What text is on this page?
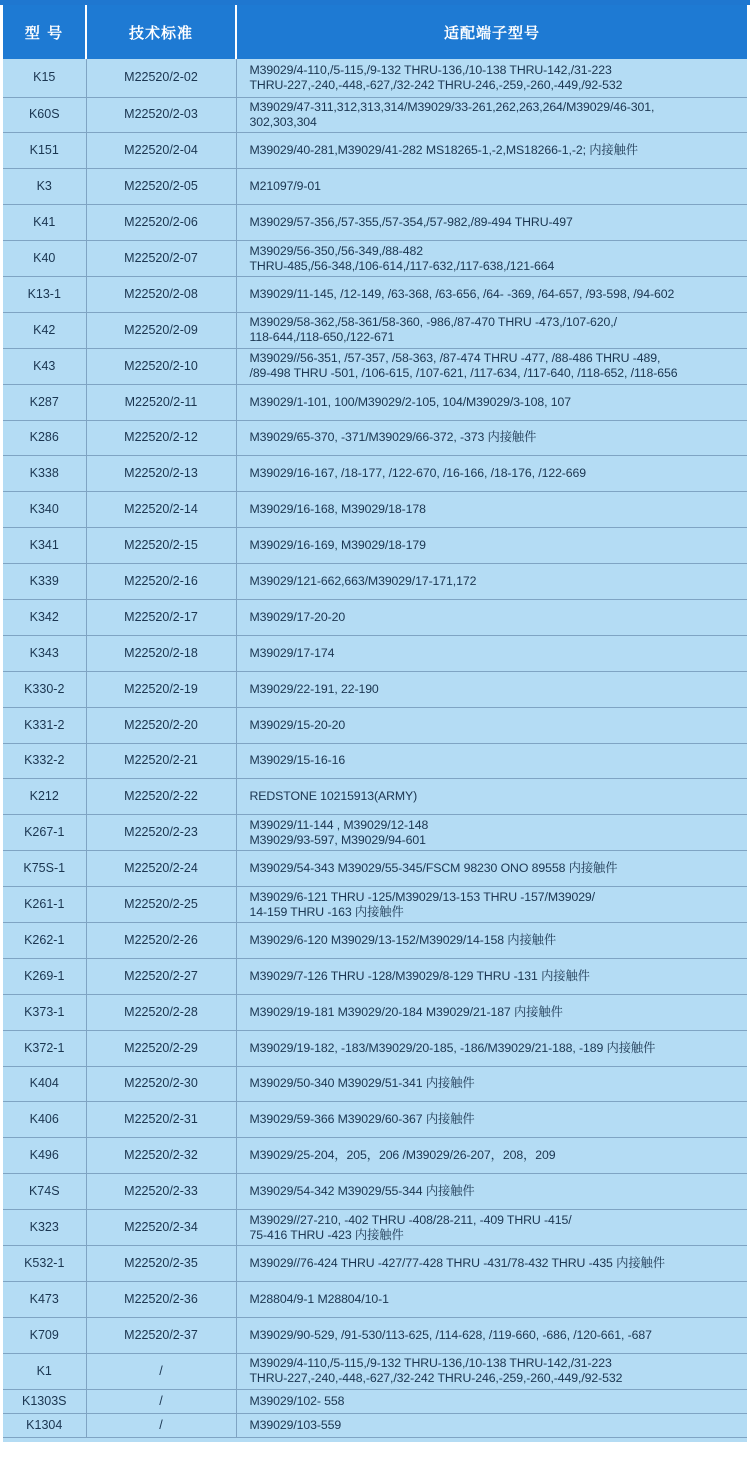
型 号	技术标准	适配端子型号
K15	M22520/2-02	M39029/4-110,/5-115,/9-132 THRU-136,/10-138 THRU-142,/31-223
THRU-227,-240,-448,-627,/32-242 THRU-246,-259,-260,-449,/92-532
K60S	M22520/2-03	M39029/47-311,312,313,314/M39029/33-261,262,263,264/M39029/46-301,
302,303,304
K151	M22520/2-04	M39029/40-281,M39029/41-282 MS18265-1,-2,MS18266-1,-2; 内接触件
K3	M22520/2-05	M21097/9-01
K41	M22520/2-06	M39029/57-356,/57-355,/57-354,/57-982,/89-494 THRU-497
K40	M22520/2-07	M39029/56-350,/56-349,/88-482
THRU-485,/56-348,/106-614,/117-632,/117-638,/121-664
K13-1	M22520/2-08	M39029/11-145, /12-149, /63-368, /63-656, /64- -369, /64-657, /93-598, /94-602
K42	M22520/2-09	M39029/58-362,/58-361/58-360, -986,/87-470 THRU -473,/107-620,/
118-644,/118-650,/122-671
K43	M22520/2-10	M39029//56-351, /57-357, /58-363, /87-474 THRU -477, /88-486 THRU -489,
/89-498 THRU -501, /106-615, /107-621, /117-634, /117-640, /118-652, /118-656
K287	M22520/2-11	M39029/1-101, 100/M39029/2-105, 104/M39029/3-108, 107
K286	M22520/2-12	M39029/65-370, -371/M39029/66-372, -373 内接触件
K338	M22520/2-13	M39029/16-167, /18-177, /122-670, /16-166, /18-176, /122-669
K340	M22520/2-14	M39029/16-168, M39029/18-178
K341	M22520/2-15	M39029/16-169, M39029/18-179
K339	M22520/2-16	M39029/121-662,663/M39029/17-171,172
K342	M22520/2-17	M39029/17-20-20
K343	M22520/2-18	M39029/17-174
K330-2	M22520/2-19	M39029/22-191, 22-190
K331-2	M22520/2-20	M39029/15-20-20
K332-2	M22520/2-21	M39029/15-16-16
K212	M22520/2-22	REDSTONE 10215913(ARMY)
K267-1	M22520/2-23	M39029/11-144 , M39029/12-148
M39029/93-597, M39029/94-601
K75S-1	M22520/2-24	M39029/54-343 M39029/55-345/FSCM 98230 ONO 89558 内接触件
K261-1	M22520/2-25	M39029/6-121 THRU -125/M39029/13-153 THRU -157/M39029/
14-159 THRU -163 内接触件
K262-1	M22520/2-26	M39029/6-120 M39029/13-152/M39029/14-158 内接触件
K269-1	M22520/2-27	M39029/7-126 THRU -128/M39029/8-129 THRU -131 内接触件
K373-1	M22520/2-28	M39029/19-181 M39029/20-184 M39029/21-187 内接触件
K372-1	M22520/2-29	M39029/19-182, -183/M39029/20-185, -186/M39029/21-188, -189 内接触件
K404	M22520/2-30	M39029/50-340 M39029/51-341 内接触件
K406	M22520/2-31	M39029/59-366 M39029/60-367 内接触件
K496	M22520/2-32	M39029/25-204，205，206 /M39029/26-207，208，209
K74S	M22520/2-33	M39029/54-342 M39029/55-344 内接触件
K323	M22520/2-34	M39029//27-210, -402 THRU -408/28-211, -409 THRU -415/
75-416 THRU -423 内接触件
K532-1	M22520/2-35	M39029//76-424 THRU -427/77-428 THRU -431/78-432 THRU -435 内接触件
K473	M22520/2-36	M28804/9-1 M28804/10-1
K709	M22520/2-37	M39029/90-529, /91-530/113-625, /114-628, /119-660, -686, /120-661, -687
K1	/	M39029/4-110,/5-115,/9-132 THRU-136,/10-138 THRU-142,/31-223
THRU-227,-240,-448,-627,/32-242 THRU-246,-259,-260,-449,/92-532
K1303S	/	M39029/102- 558
K1304	/	M39029/103-559
